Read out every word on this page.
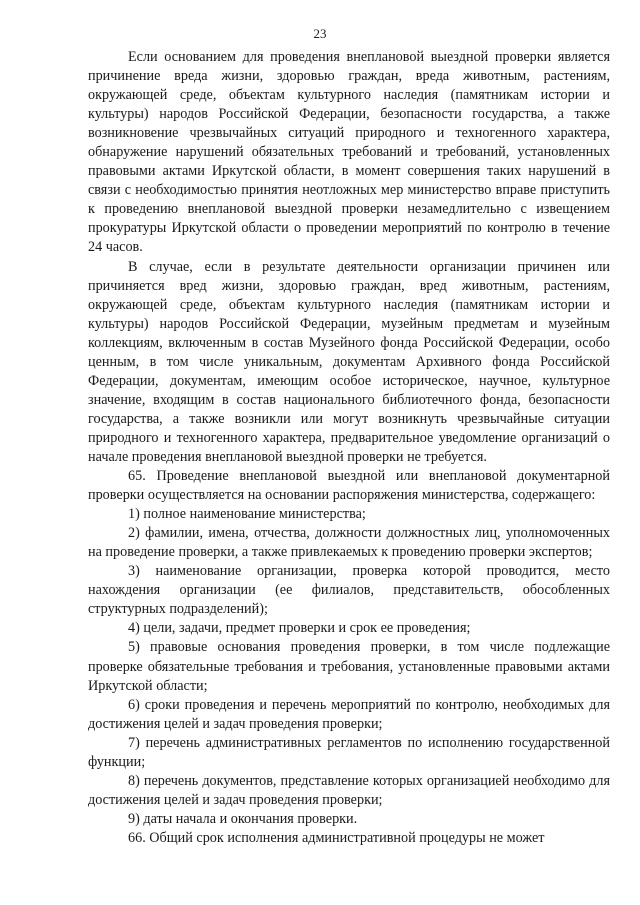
23

Если основанием для проведения внеплановой выездной проверки является причинение вреда жизни, здоровью граждан, вреда животным, растениям, окружающей среде, объектам культурного наследия (памятникам истории и культуры) народов Российской Федерации, безопасности государства, а также возникновение чрезвычайных ситуаций природного и техногенного характера, обнаружение нарушений обязательных требований и требований, установленных правовыми актами Иркутской области, в момент совершения таких нарушений в связи с необходимостью принятия неотложных мер министерство вправе приступить к проведению внеплановой выездной проверки незамедлительно с извещением прокуратуры Иркутской области о проведении мероприятий по контролю в течение 24 часов.

В случае, если в результате деятельности организации причинен или причиняется вред жизни, здоровью граждан, вред животным, растениям, окружающей среде, объектам культурного наследия (памятникам истории и культуры) народов Российской Федерации, музейным предметам и музейным коллекциям, включенным в состав Музейного фонда Российской Федерации, особо ценным, в том числе уникальным, документам Архивного фонда Российской Федерации, документам, имеющим особое историческое, научное, культурное значение, входящим в состав национального библиотечного фонда, безопасности государства, а также возникли или могут возникнуть чрезвычайные ситуации природного и техногенного характера, предварительное уведомление организаций о начале проведения внеплановой выездной проверки не требуется.

65. Проведение внеплановой выездной или внеплановой документарной проверки осуществляется на основании распоряжения министерства, содержащего:

1) полное наименование министерства;

2) фамилии, имена, отчества, должности должностных лиц, уполномоченных на проведение проверки, а также привлекаемых к проведению проверки экспертов;

3) наименование организации, проверка которой проводится, место нахождения организации (ее филиалов, представительств, обособленных структурных подразделений);

4) цели, задачи, предмет проверки и срок ее проведения;

5) правовые основания проведения проверки, в том числе подлежащие проверке обязательные требования и требования, установленные правовыми актами Иркутской области;

6) сроки проведения и перечень мероприятий по контролю, необходимых для достижения целей и задач проведения проверки;

7) перечень административных регламентов по исполнению государственной функции;

8) перечень документов, представление которых организацией необходимо для достижения целей и задач проведения проверки;

9) даты начала и окончания проверки.

66. Общий срок исполнения административной процедуры не может
